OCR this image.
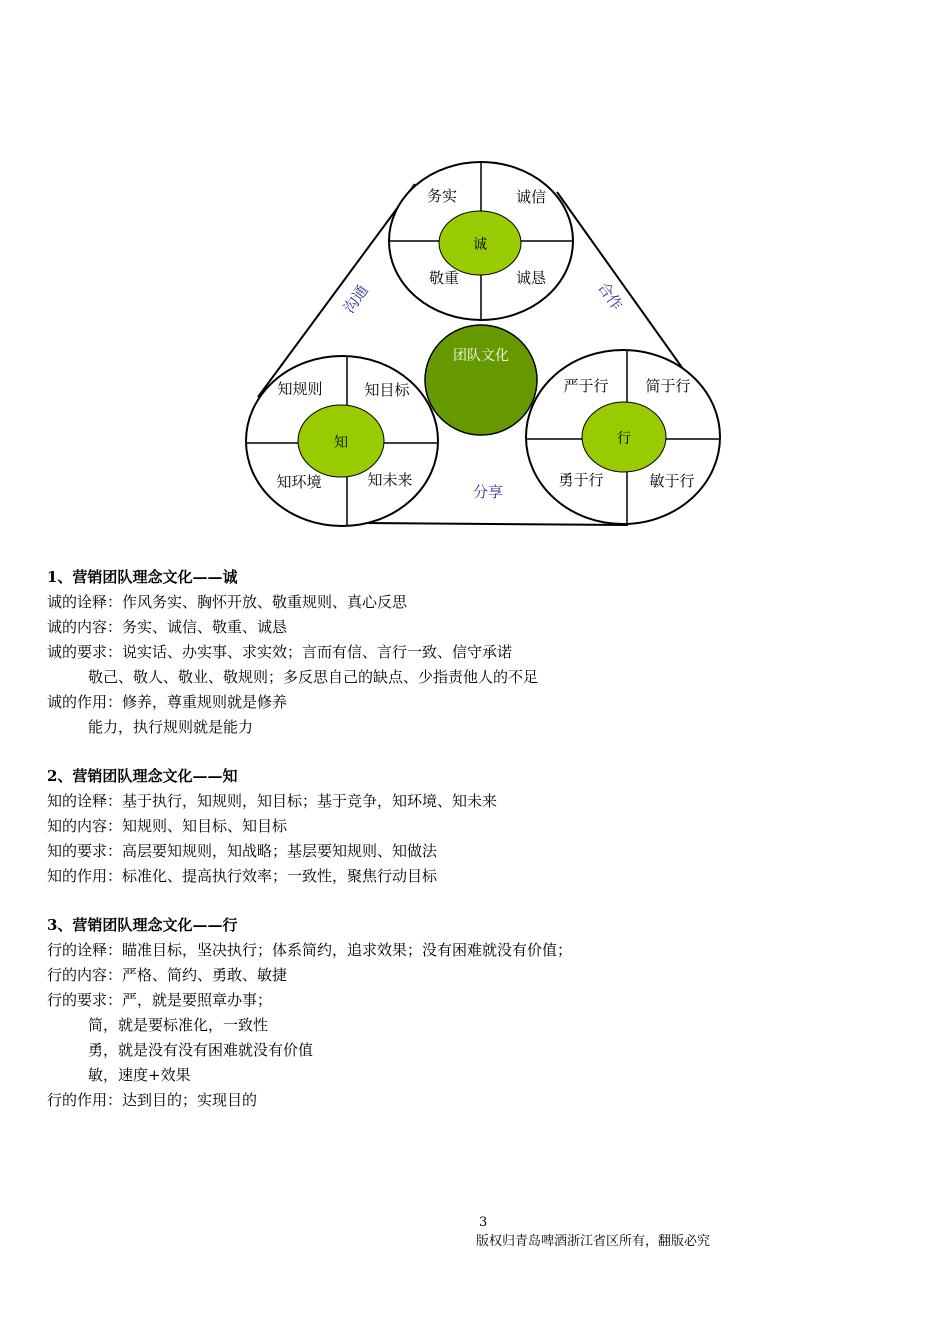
诚
务实	诚信
敬重	诚恳
知
知规则	知目标
知环境	知未来
行
严于行 简于行
勇于行	敏于行
团队文化
沟通	合作
分享
1、营销团队理念文化——诚
诚的诠释：作风务实、胸怀开放、敬重规则、真心反思
诚的内容：务实、诚信、敬重、诚恳
诚的要求：说实话、办实事、求实效；言而有信、言行一致、信守承诺
敬己、敬人、敬业、敬规则；多反思自己的缺点、少指责他人的不足
诚的作用：修养，尊重规则就是修养
能力，执行规则就是能力
2、营销团队理念文化——知
知的诠释：基于执行，知规则，知目标；基于竞争，知环境、知未来
知的内容：知规则、知目标、知目标
知的要求：高层要知规则，知战略；基层要知规则、知做法
知的作用：标准化、提高执行效率；一致性，聚焦行动目标
3、营销团队理念文化——行
行的诠释：瞄准目标，坚决执行；体系简约，追求效果；没有困难就没有价值；
行的内容：严格、简约、勇敢、敏捷
行的要求：严，就是要照章办事；
简，就是要标准化，一致性
勇，就是没有没有困难就没有价值
敏，速度+效果
行的作用：达到目的；实现目的
3
版权归青岛啤酒浙江省区所有，翻版必究
